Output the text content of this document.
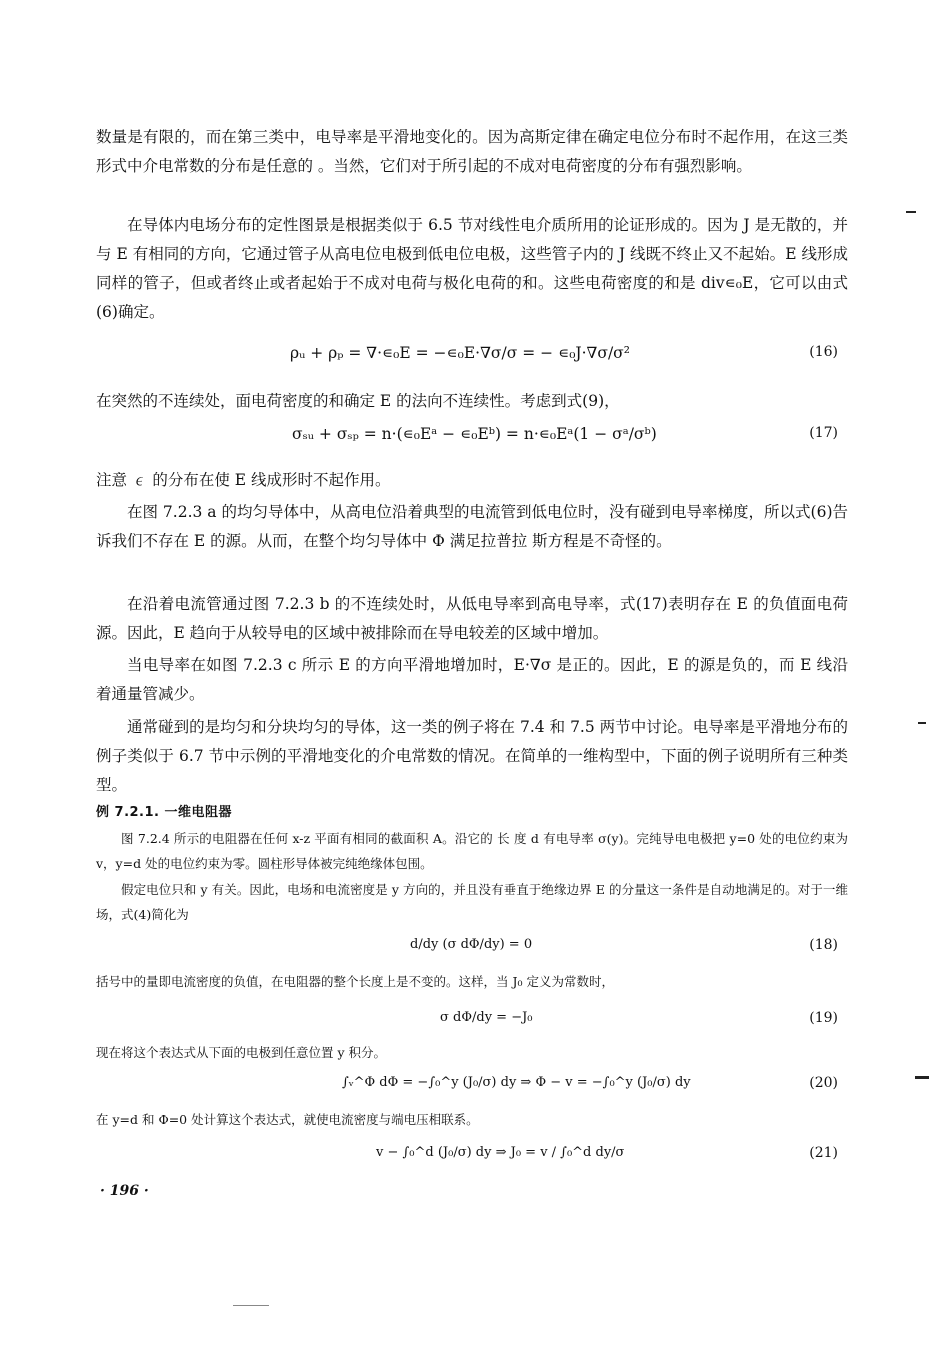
数量是有限的，而在第三类中，电导率是平滑地变化的。因为高斯定律在确定电位分布时不起作用，在这三类形式中介电常数的分布是任意的 。当然，它们对于所引起的不成对电荷密度的分布有强烈影响。

在导体内电场分布的定性图景是根据类似于 6.5 节对线性电介质所用的论证形成的。因为 J 是无散的，并与 E 有相同的方向，它通过管子从高电位电极到低电位电极，这些管子内的 J 线既不终止又不起始。E 线形成同样的管子，但或者终止或者起始于不成对电荷与极化电荷的和。这些电荷密度的和是 div∊₀E，它可以由式(6)确定。

ρᵤ + ρₚ = ∇·∊₀E = −∊₀E·∇σ/σ = − ∊₀J·∇σ/σ²	(16)

在突然的不连续处，面电荷密度的和确定 E 的法向不连续性。考虑到式(9)，

σₛᵤ + σₛₚ = n·(∊₀Eᵃ − ∊₀Eᵇ) = n·∊₀Eᵃ(1 − σᵃ/σᵇ)	(17)

注意 ∊ 的分布在使 E 线成形时不起作用。

在图 7.2.3 a 的均匀导体中，从高电位沿着典型的电流管到低电位时，没有碰到电导率梯度，所以式(6)告诉我们不存在 E 的源。从而，在整个均匀导体中 Φ 满足拉普拉 斯方程是不奇怪的。

在沿着电流管通过图 7.2.3 b 的不连续处时，从低电导率到高电导率，式(17)表明存在 E 的负值面电荷源。因此，E 趋向于从较导电的区域中被排除而在导电较差的区域中增加。

当电导率在如图 7.2.3 c 所示 E 的方向平滑地增加时，E·∇σ 是正的。因此，E 的源是负的，而 E 线沿着通量管减少。

通常碰到的是均匀和分块均匀的导体，这一类的例子将在 7.4 和 7.5 两节中讨论。电导率是平滑地分布的例子类似于 6.7 节中示例的平滑地变化的介电常数的情况。在简单的一维构型中，下面的例子说明所有三种类型。

例 7.2.1. 一维电阻器

图 7.2.4 所示的电阻器在任何 x-z 平面有相同的截面积 A。沿它的 长 度 d 有电导率 σ(y)。完纯导电电极把 y=0 处的电位约束为 v，y=d 处的电位约束为零。圆柱形导体被完纯绝缘体包围。

假定电位只和 y 有关。因此，电场和电流密度是 y 方向的，并且没有垂直于绝缘边界 E 的分量这一条件是自动地满足的。对于一维场，式(4)简化为

d/dy (σ dΦ/dy) = 0	(18)

括号中的量即电流密度的负值，在电阻器的整个长度上是不变的。这样，当 J₀ 定义为常数时，

σ dΦ/dy = −J₀	(19)

现在将这个表达式从下面的电极到任意位置 y 积分。

∫ᵥ^Φ dΦ = −∫₀^y (J₀/σ) dy ⇒ Φ − v = −∫₀^y (J₀/σ) dy	(20)

在 y=d 和 Φ=0 处计算这个表达式，就使电流密度与端电压相联系。

v − ∫₀^d (J₀/σ) dy ⇒ J₀ = v / ∫₀^d dy/σ	(21)
· 196 ·
